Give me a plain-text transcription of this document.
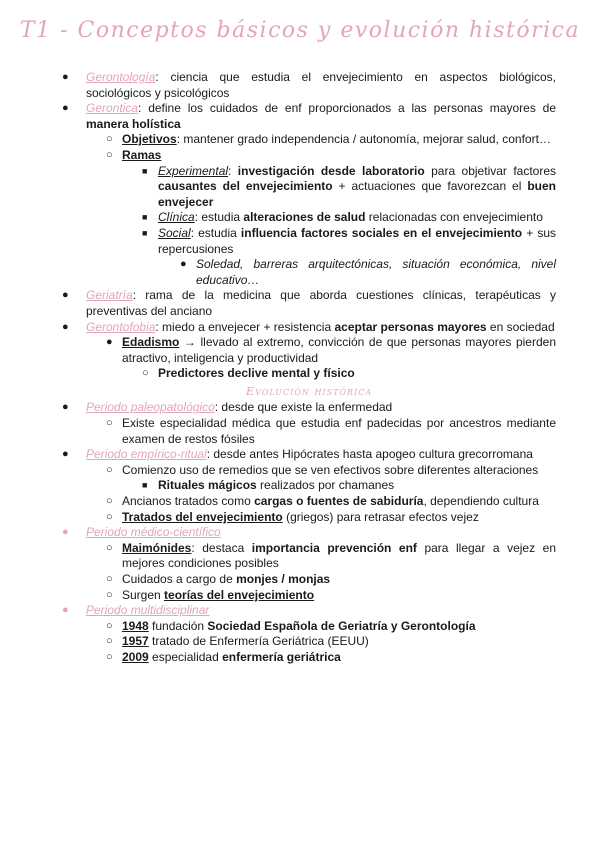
T1 - Conceptos básicos y evolución histórica
● Gerontología: ciencia que estudia el envejecimiento en aspectos biológicos, sociológicos y psicológicos
● Gerontica: define los cuidados de enf proporcionados a las personas mayores de manera holística
○ Objetivos: mantener grado independencia / autonomía, mejorar salud, confort…
○ Ramas
■ Experimental: investigación desde laboratorio para objetivar factores causantes del envejecimiento + actuaciones que favorezcan el buen envejecer
■ Clínica: estudia alteraciones de salud relacionadas con envejecimiento
■ Social: estudia influencia factores sociales en el envejecimiento + sus repercusiones
● Soledad, barreras arquitectónicas, situación económica, nivel educativo…
● Geriatría: rama de la medicina que aborda cuestiones clínicas, terapéuticas y preventivas del anciano
● Gerontofobia: miedo a envejecer + resistencia aceptar personas mayores en sociedad
● Edadismo → llevado al extremo, convicción de que personas mayores pierden atractivo, inteligencia y productividad
○ Predictores declive mental y físico
Evolución histórica
● Periodo paleopatológico: desde que existe la enfermedad
○ Existe especialidad médica que estudia enf padecidas por ancestros mediante examen de restos fósiles
● Periodo empírico-ritual: desde antes Hipócrates hasta apogeo cultura grecorromana
○ Comienzo uso de remedios que se ven efectivos sobre diferentes alteraciones
■ Rituales mágicos realizados por chamanes
○ Ancianos tratados como cargas o fuentes de sabiduría, dependiendo cultura
○ Tratados del envejecimiento (griegos) para retrasar efectos vejez
● Periodo médico-científico
○ Maimónides: destaca importancia prevención enf para llegar a vejez en mejores condiciones posibles
○ Cuidados a cargo de monjes / monjas
○ Surgen teorías del envejecimiento
● Periodo multidisciplinar
○ 1948 fundación Sociedad Española de Geriatría y Gerontología
○ 1957 tratado de Enfermería Geriátrica (EEUU)
○ 2009 especialidad enfermería geriátrica
